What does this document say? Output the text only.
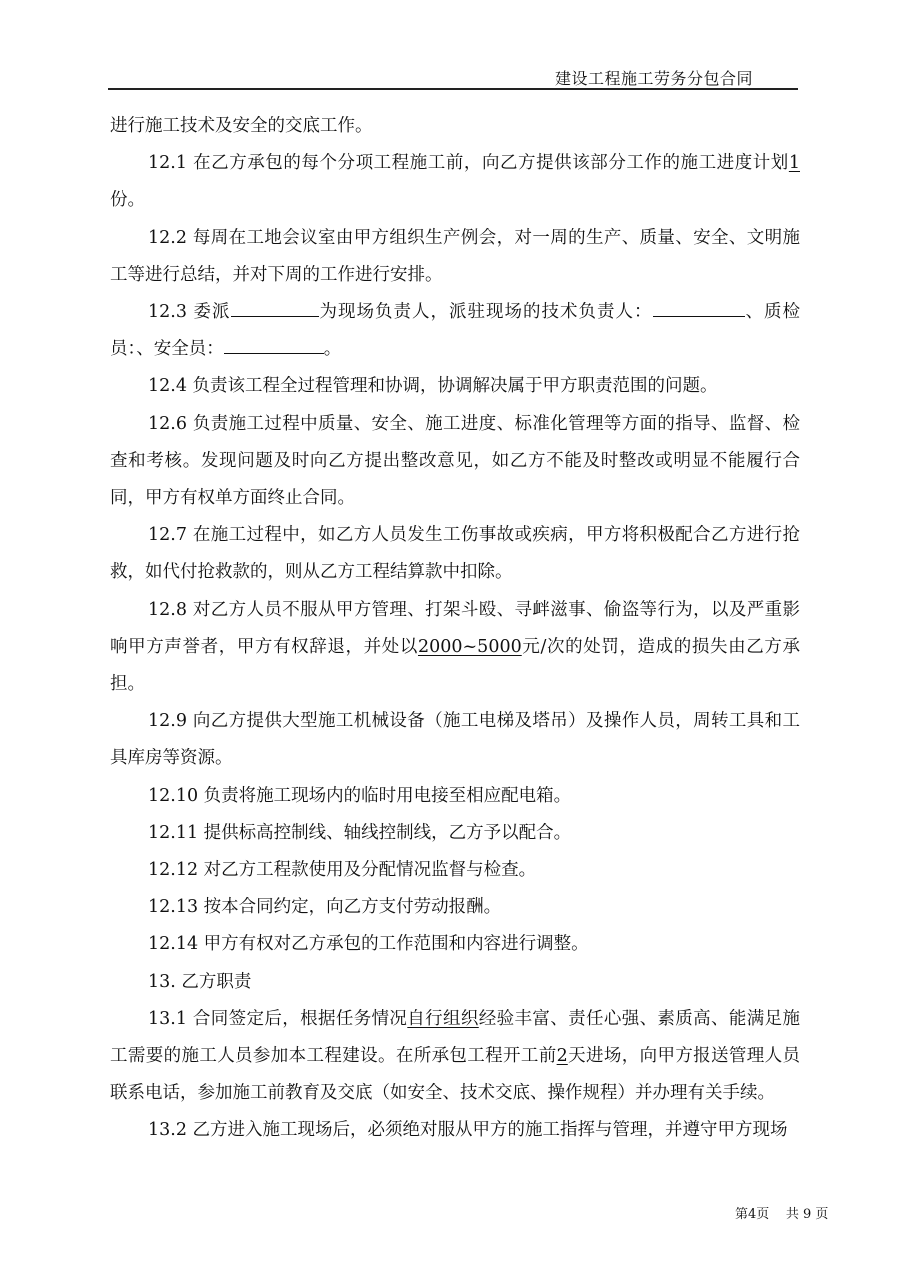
建设工程施工劳务分包合同

进行施工技术及安全的交底工作。

12.1 在乙方承包的每个分项工程施工前，向乙方提供该部分工作的施工进度计划1份。

12.2 每周在工地会议室由甲方组织生产例会，对一周的生产、质量、安全、文明施工等进行总结，并对下周的工作进行安排。

12.3 委派	为现场负责人，派驻现场的技术负责人：	、质检员：、安全员：	。

12.4 负责该工程全过程管理和协调，协调解决属于甲方职责范围的问题。

12.6 负责施工过程中质量、安全、施工进度、标准化管理等方面的指导、监督、检查和考核。发现问题及时向乙方提出整改意见，如乙方不能及时整改或明显不能履行合同，甲方有权单方面终止合同。

12.7 在施工过程中，如乙方人员发生工伤事故或疾病，甲方将积极配合乙方进行抢救，如代付抢救款的，则从乙方工程结算款中扣除。

12.8 对乙方人员不服从甲方管理、打架斗殴、寻衅滋事、偷盗等行为，以及严重影响甲方声誉者，甲方有权辞退，并处以2000~5000元/次的处罚，造成的损失由乙方承担。

12.9 向乙方提供大型施工机械设备（施工电梯及塔吊）及操作人员，周转工具和工具库房等资源。

12.10 负责将施工现场内的临时用电接至相应配电箱。

12.11 提供标高控制线、轴线控制线，乙方予以配合。

12.12 对乙方工程款使用及分配情况监督与检查。

12.13 按本合同约定，向乙方支付劳动报酬。

12.14 甲方有权对乙方承包的工作范围和内容进行调整。

13. 乙方职责

13.1 合同签定后，根据任务情况自行组织经验丰富、责任心强、素质高、能满足施工需要的施工人员参加本工程建设。在所承包工程开工前2天进场，向甲方报送管理人员联系电话，参加施工前教育及交底（如安全、技术交底、操作规程）并办理有关手续。

13.2 乙方进入施工现场后，必须绝对服从甲方的施工指挥与管理，并遵守甲方现场

第4页 共 9 页
